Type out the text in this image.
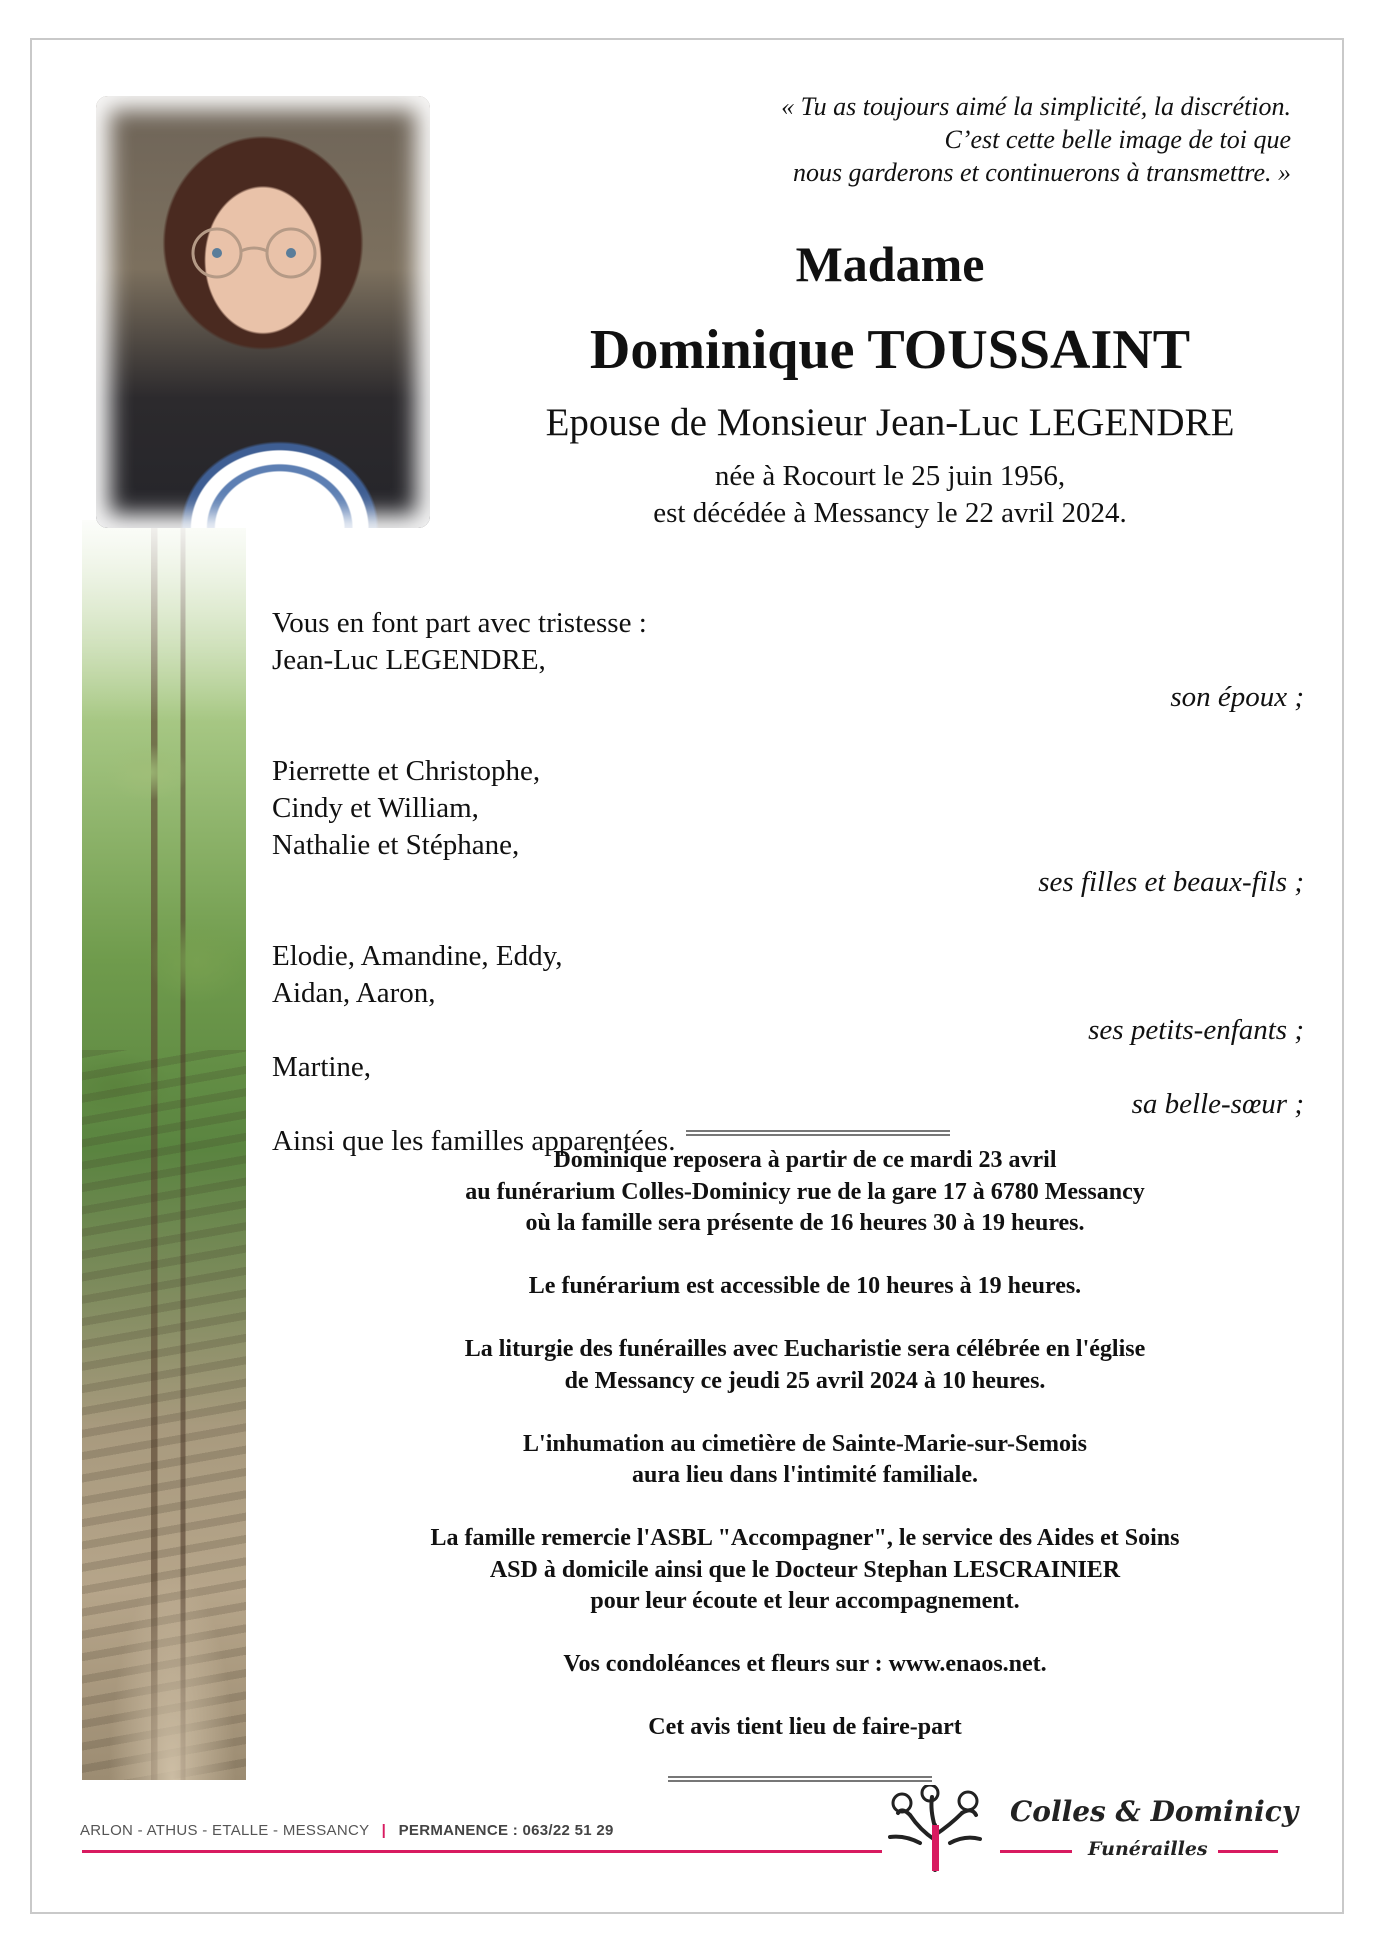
« Tu as toujours aimé la simplicité, la discrétion.
C’est cette belle image de toi que
nous garderons et continuerons à transmettre. »
Madame
Dominique TOUSSAINT
Epouse de Monsieur Jean-Luc LEGENDRE
née à Rocourt le 25 juin 1956,
est décédée à Messancy le 22 avril 2024.
Vous en font part avec tristesse :
Jean-Luc LEGENDRE,
son époux ;
Pierrette et Christophe,
Cindy et William,
Nathalie et Stéphane,
ses filles et beaux-fils ;
Elodie, Amandine, Eddy,
Aidan, Aaron,
ses petits-enfants ;
Martine,
sa belle-sœur ;
Ainsi que les familles apparentées.
Dominique reposera à partir de ce mardi 23 avril
au funérarium Colles-Dominicy rue de la gare 17 à 6780 Messancy
où la famille sera présente de 16 heures 30 à 19 heures.
Le funérarium est accessible de 10 heures à 19 heures.
La liturgie des funérailles avec Eucharistie sera célébrée en l'église
de Messancy ce jeudi 25 avril 2024 à 10 heures.
L'inhumation au cimetière de Sainte-Marie-sur-Semois
aura lieu dans l'intimité familiale.
La famille remercie l'ASBL "Accompagner", le service des Aides et Soins
ASD à domicile ainsi que le Docteur Stephan LESCRAINIER
pour leur écoute et leur accompagnement.
Vos condoléances et fleurs sur : www.enaos.net.
Cet avis tient lieu de faire-part
ARLON - ATHUS - ETALLE - MESSANCY | PERMANENCE : 063/22 51 29
Colles & Dominicy
Funérailles
